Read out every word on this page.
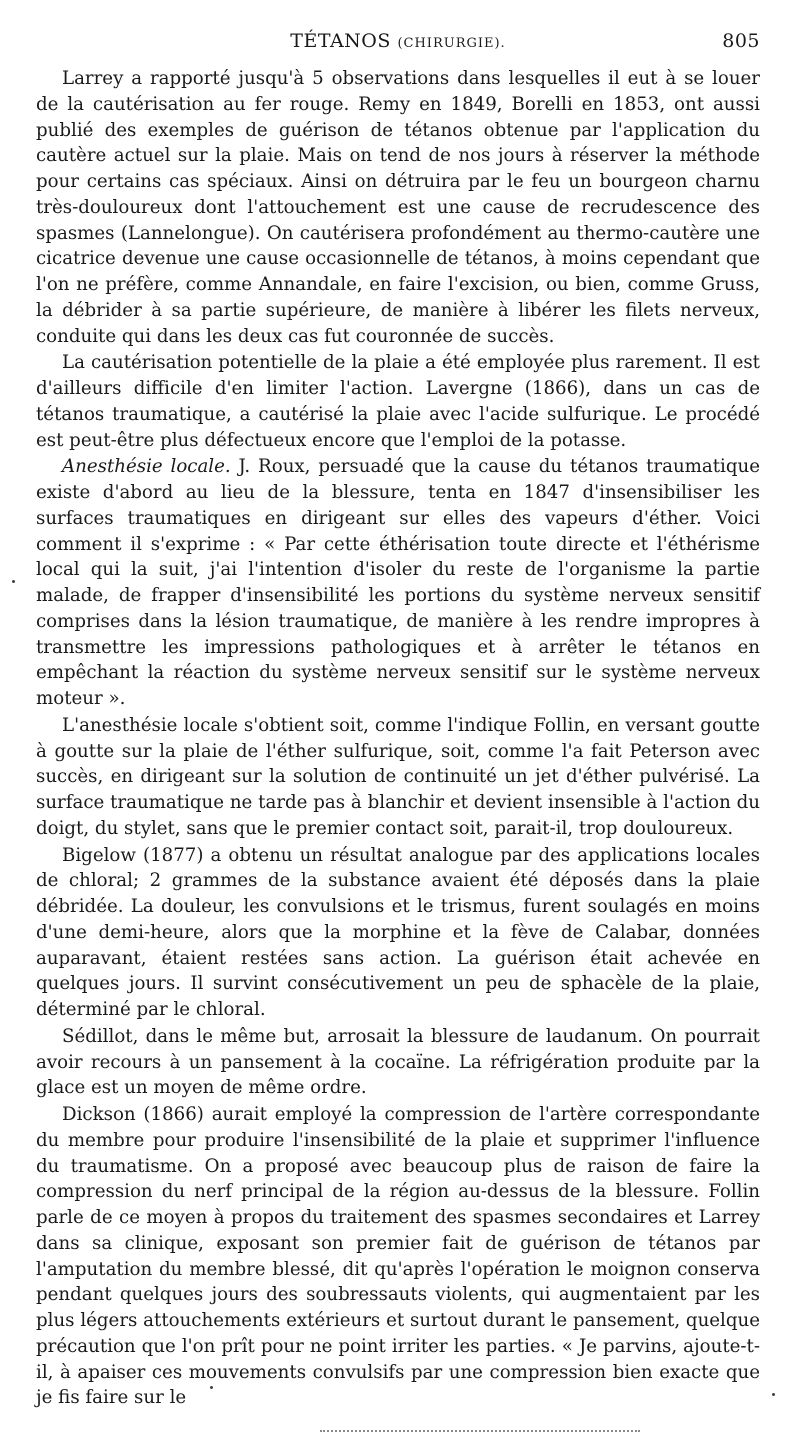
TÉTANOS (CHIRURGIE).	805

Larrey a rapporté jusqu'à 5 observations dans lesquelles il eut à se louer de la cautérisation au fer rouge. Remy en 1849, Borelli en 1853, ont aussi publié des exemples de guérison de tétanos obtenue par l'application du cautère actuel sur la plaie. Mais on tend de nos jours à réserver la méthode pour certains cas spéciaux. Ainsi on détruira par le feu un bourgeon charnu très-douloureux dont l'attouchement est une cause de recrudescence des spasmes (Lannelongue). On cautérisera profondément au thermo-cautère une cicatrice devenue une cause occasionnelle de tétanos, à moins cependant que l'on ne préfère, comme Annandale, en faire l'excision, ou bien, comme Gruss, la débrider à sa partie supérieure, de manière à libérer les filets nerveux, conduite qui dans les deux cas fut couronnée de succès.

La cautérisation potentielle de la plaie a été employée plus rarement. Il est d'ailleurs difficile d'en limiter l'action. Lavergne (1866), dans un cas de tétanos traumatique, a cautérisé la plaie avec l'acide sulfurique. Le procédé est peut-être plus défectueux encore que l'emploi de la potasse.

Anesthésie locale. J. Roux, persuadé que la cause du tétanos traumatique existe d'abord au lieu de la blessure, tenta en 1847 d'insensibiliser les surfaces traumatiques en dirigeant sur elles des vapeurs d'éther. Voici comment il s'exprime : « Par cette éthérisation toute directe et l'éthérisme local qui la suit, j'ai l'intention d'isoler du reste de l'organisme la partie malade, de frapper d'insensibilité les portions du système nerveux sensitif comprises dans la lésion traumatique, de manière à les rendre impropres à transmettre les impressions pathologiques et à arrêter le tétanos en empêchant la réaction du système nerveux sensitif sur le système nerveux moteur ».

L'anesthésie locale s'obtient soit, comme l'indique Follin, en versant goutte à goutte sur la plaie de l'éther sulfurique, soit, comme l'a fait Peterson avec succès, en dirigeant sur la solution de continuité un jet d'éther pulvérisé. La surface traumatique ne tarde pas à blanchir et devient insensible à l'action du doigt, du stylet, sans que le premier contact soit, parait-il, trop douloureux.

Bigelow (1877) a obtenu un résultat analogue par des applications locales de chloral; 2 grammes de la substance avaient été déposés dans la plaie débridée. La douleur, les convulsions et le trismus, furent soulagés en moins d'une demi-heure, alors que la morphine et la fève de Calabar, données auparavant, étaient restées sans action. La guérison était achevée en quelques jours. Il survint consécutivement un peu de sphacèle de la plaie, déterminé par le chloral.

Sédillot, dans le même but, arrosait la blessure de laudanum. On pourrait avoir recours à un pansement à la cocaïne. La réfrigération produite par la glace est un moyen de même ordre.

Dickson (1866) aurait employé la compression de l'artère correspondante du membre pour produire l'insensibilité de la plaie et supprimer l'influence du traumatisme. On a proposé avec beaucoup plus de raison de faire la compression du nerf principal de la région au-dessus de la blessure. Follin parle de ce moyen à propos du traitement des spasmes secondaires et Larrey dans sa clinique, exposant son premier fait de guérison de tétanos par l'amputation du membre blessé, dit qu'après l'opération le moignon conserva pendant quelques jours des soubressauts violents, qui augmentaient par les plus légers attouchements extérieurs et surtout durant le pansement, quelque précaution que l'on prît pour ne point irriter les parties. « Je parvins, ajoute-t-il, à apaiser ces mouvements convulsifs par une compression bien exacte que je fis faire sur le
